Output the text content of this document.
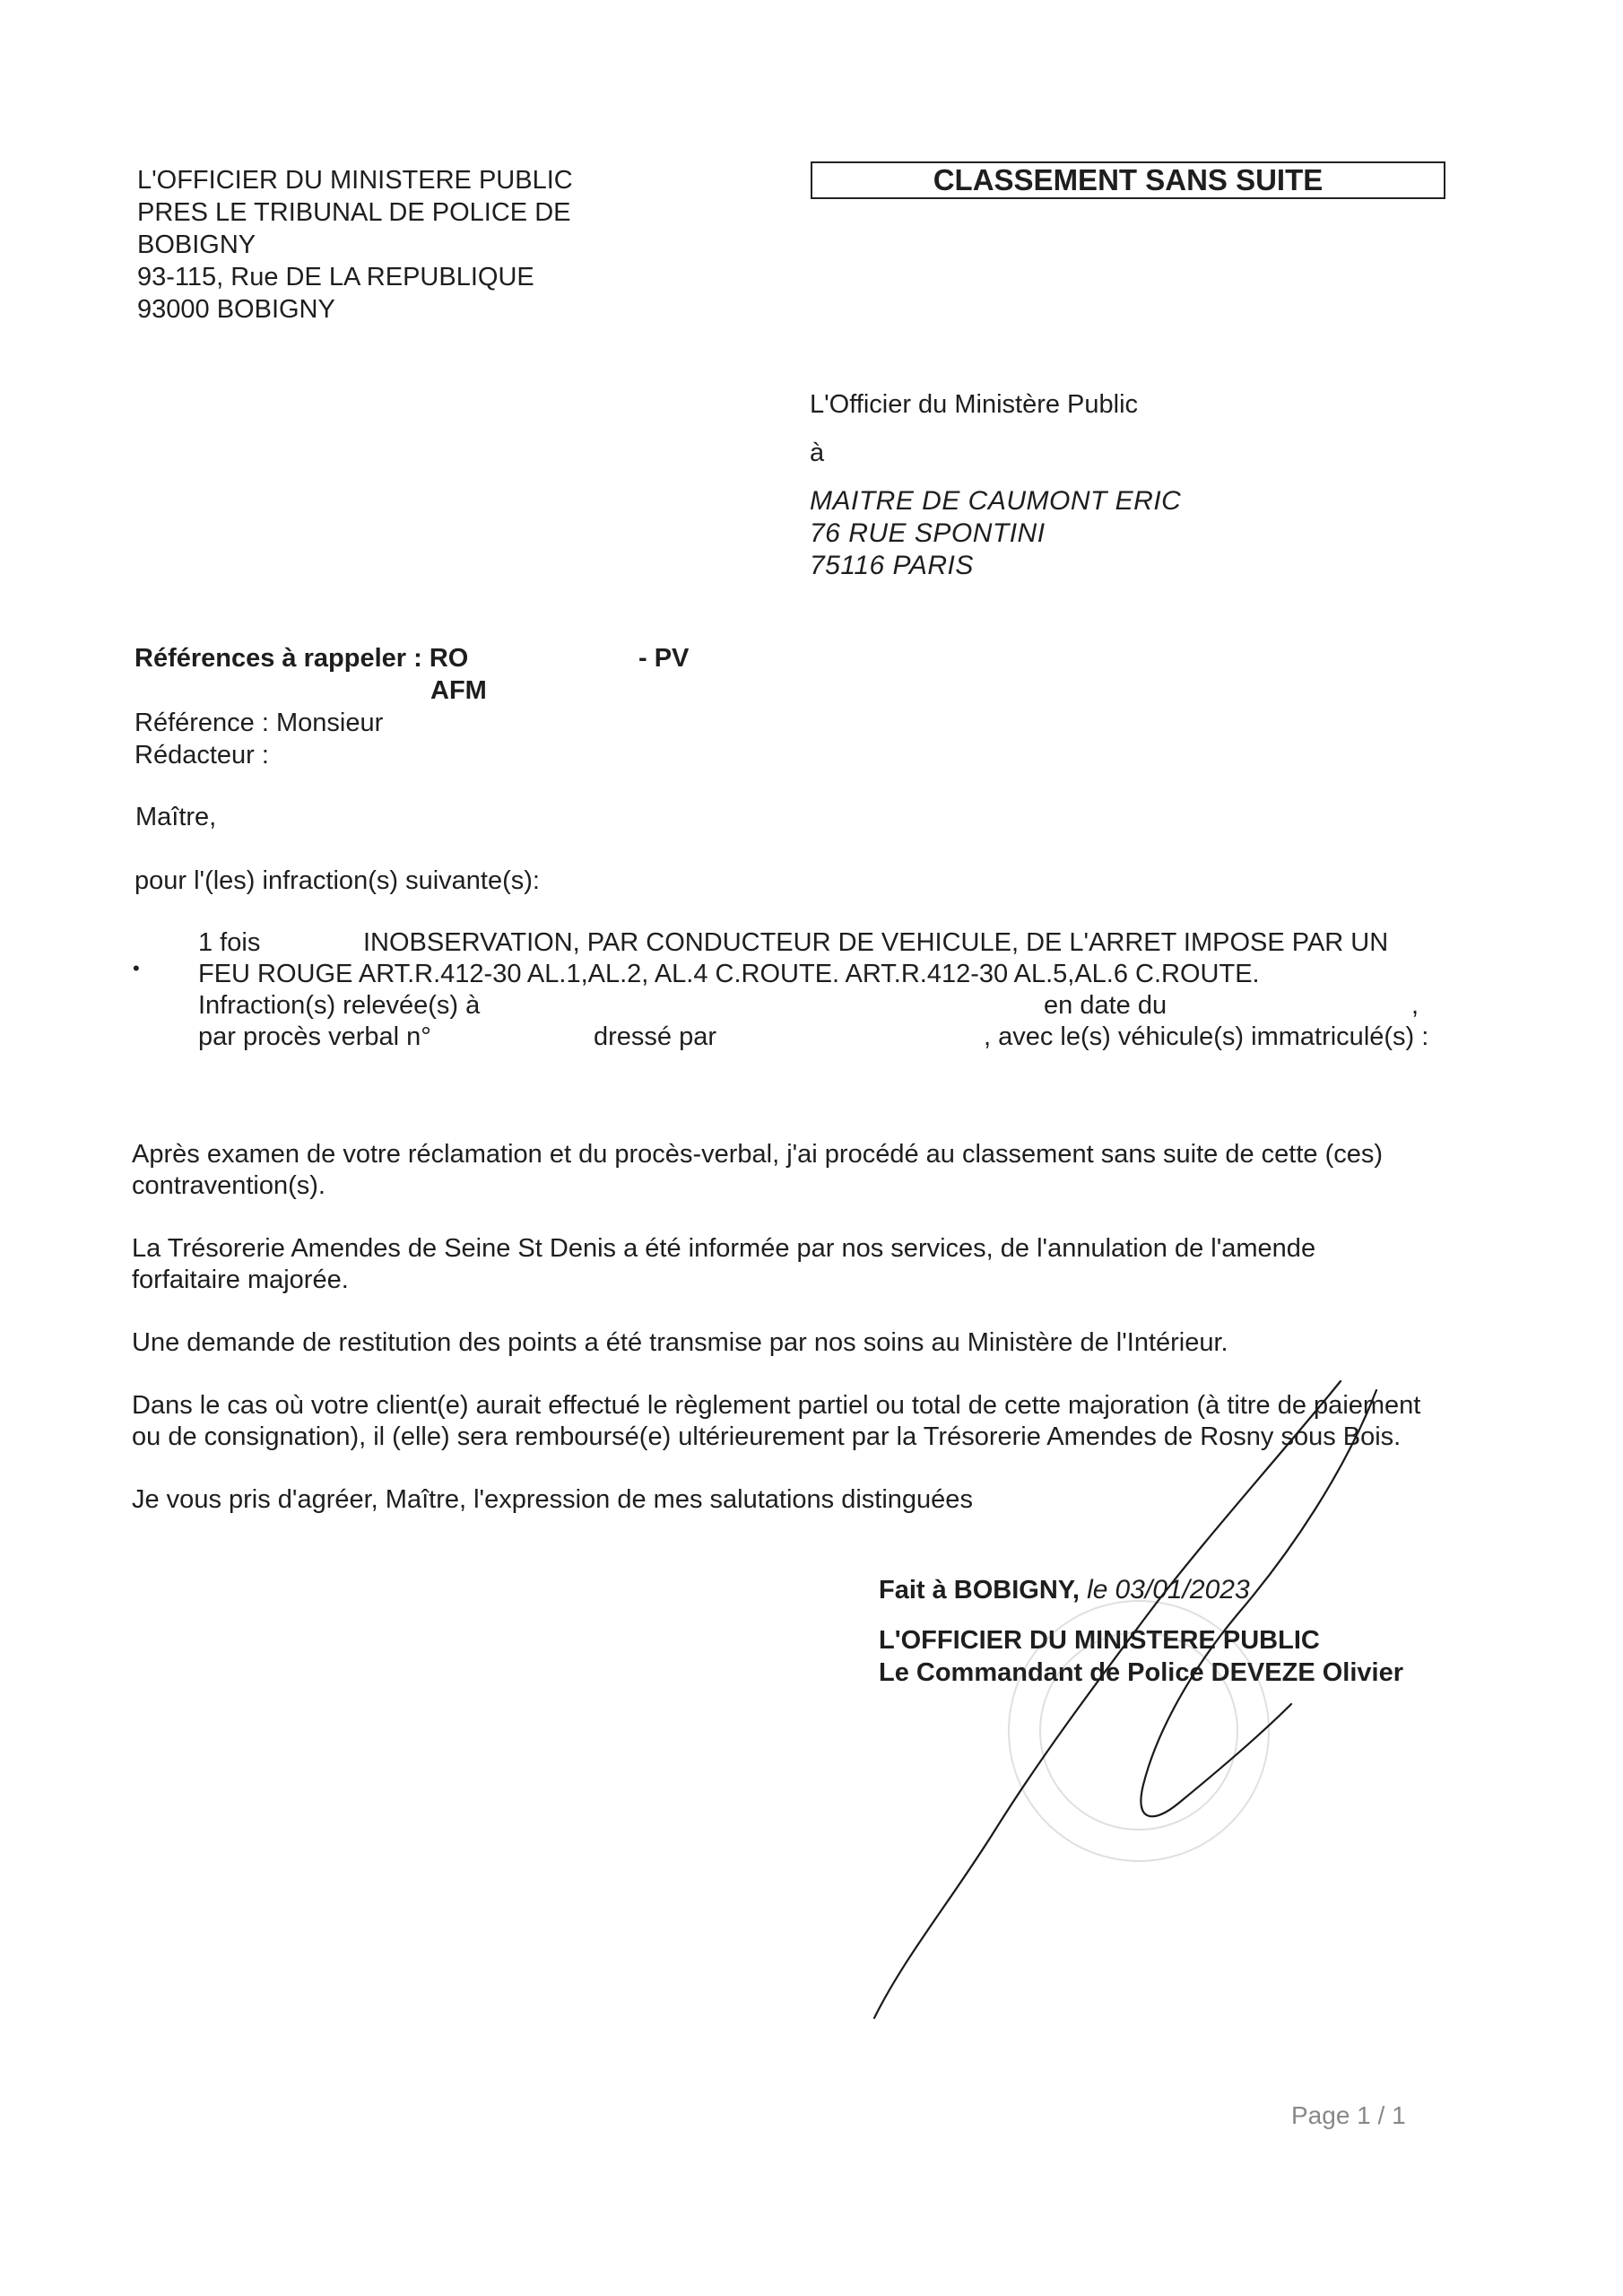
L'OFFICIER DU MINISTERE PUBLIC
PRES LE TRIBUNAL DE POLICE DE
BOBIGNY
93-115, Rue DE LA REPUBLIQUE
93000 BOBIGNY
CLASSEMENT SANS SUITE
L'Officier du Ministère Public
à
MAITRE DE CAUMONT ERIC
76 RUE SPONTINI
75116 PARIS
Références à rappeler : RO
AFM
Référence : Monsieur
Rédacteur :
- PV
Maître,
pour l'(les) infraction(s) suivante(s):
•
1 fois	INOBSERVATION, PAR CONDUCTEUR DE VEHICULE, DE L'ARRET IMPOSE PAR UN
FEU ROUGE ART.R.412-30 AL.1,AL.2, AL.4 C.ROUTE. ART.R.412-30 AL.5,AL.6 C.ROUTE.
Infraction(s) relevée(s) à	en date du	,
par procès verbal n°	dressé par	, avec le(s) véhicule(s) immatriculé(s) :
Après examen de votre réclamation et du procès-verbal, j'ai procédé au classement sans suite de cette (ces) contravention(s).
La Trésorerie Amendes de Seine St Denis a été informée par nos services, de l'annulation de l'amende forfaitaire majorée.
Une demande de restitution des points a été transmise par nos soins au Ministère de l'Intérieur.
Dans le cas où votre client(e) aurait effectué le règlement partiel ou total de cette majoration (à titre de paiement ou de consignation), il (elle) sera remboursé(e) ultérieurement par la Trésorerie Amendes de Rosny sous Bois.
Je vous pris d'agréer, Maître, l'expression de mes salutations distinguées
Fait à BOBIGNY, le 03/01/2023
L'OFFICIER DU MINISTERE PUBLIC
Le Commandant de Police DEVEZE Olivier
Page 1 / 1
